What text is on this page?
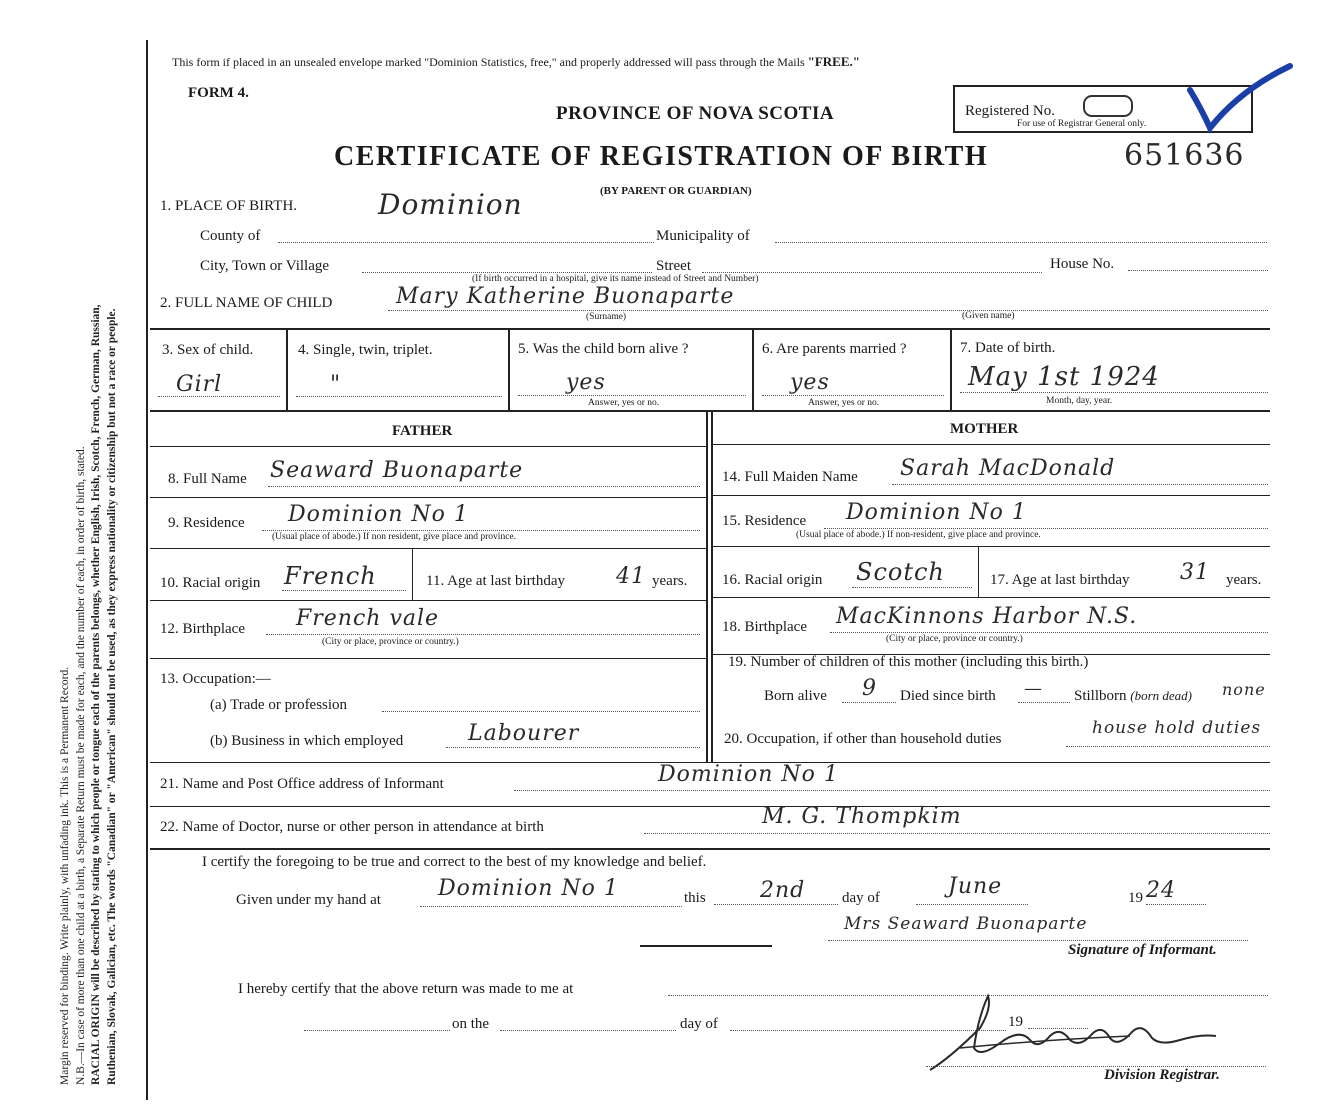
Margin reserved for binding. Write plainly, with unfading ink. This is a Permanent Record. N.B.—In case of more than one child at a birth, a Separate Return must be made for each, and the number of each, in order of birth, stated. RACIAL ORIGIN will be described by stating to which people or tongue each of the parents belongs, whether English, Irish, Scotch, French, German, Russian, Ruthenian, Slovak, Galician, etc. The words "Canadian" or "American" should not be used, as they express nationality or citizenship but not a race or people.
This form if placed in an unsealed envelope marked "Dominion Statistics, free," and properly addressed will pass through the Mails "FREE."
FORM 4.
PROVINCE OF NOVA SCOTIA
CERTIFICATE OF REGISTRATION OF BIRTH
(BY PARENT OR GUARDIAN)
Registered No.
For use of Registrar General only.
651636
1. PLACE OF BIRTH.	Dominion
County of	Municipality of
City, Town or Village	Street	House No.
(If birth occurred in a hospital, give its name instead of Street and Number)
2. FULL NAME OF CHILD	Mary Katherine Buonaparte
(Surname)	(Given name)
3. Sex of child.
Girl
4. Single, twin, triplet.
"
5. Was the child born alive ?
yes
Answer, yes or no.
6. Are parents married ?
yes
Answer, yes or no.
7. Date of birth.
May 1st 1924
Month, day, year.
FATHER	MOTHER
8. Full Name Seaward Buonaparte
9. Residence Dominion No 1
(Usual place of abode.) If non resident, give place and province.
10. Racial origin French	11. Age at last birthday 41 years.
12. Birthplace French vale
(City or place, province or country.)
13. Occupation:—
(a) Trade or profession
(b) Business in which employed	Labourer
14. Full Maiden Name Sarah MacDonald
15. Residence Dominion No 1
(Usual place of abode.) If non-resident, give place and province.
16. Racial origin Scotch	17. Age at last birthday 31 years.
18. Birthplace MacKinnons Harbor N.S.
(City or place, province or country.)
19. Number of children of this mother (including this birth.)
Born alive 9 Died since birth — Stillborn (born dead) none
20. Occupation, if other than household duties
house hold duties
21. Name and Post Office address of Informant	Dominion No 1
22. Name of Doctor, nurse or other person in attendance at birth	M. G. Thompkim
I certify the foregoing to be true and correct to the best of my knowledge and belief.
Given under my hand at	Dominion No 1	this 2nd day of	June	19 24
Mrs Seaward Buonaparte
Signature of Informant.
I hereby certify that the above return was made to me at
on the	day of	19
Division Registrar.
